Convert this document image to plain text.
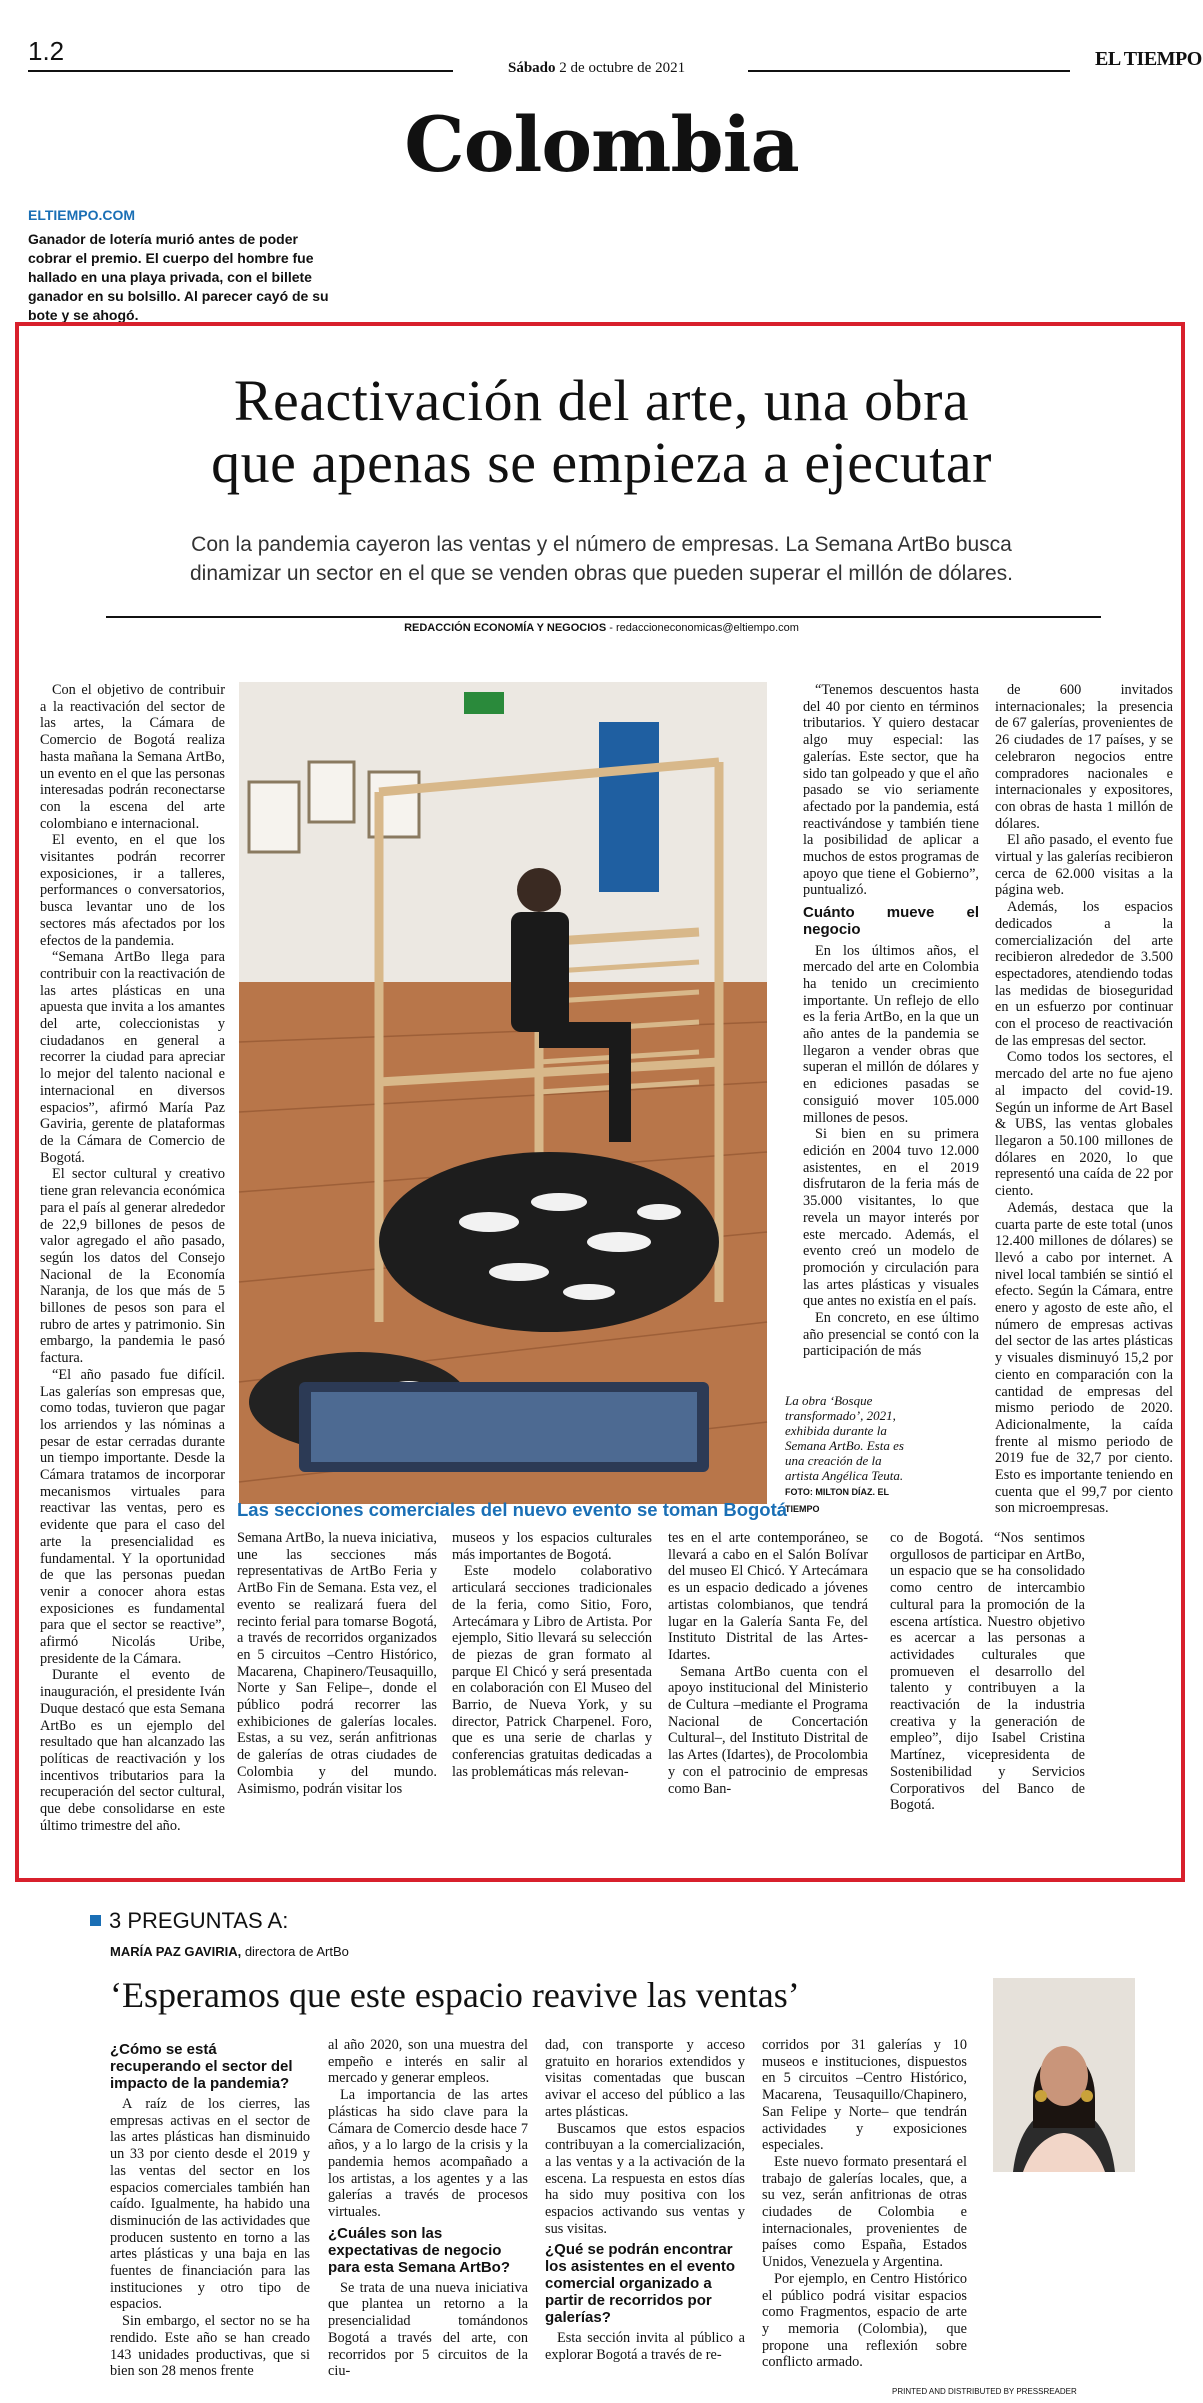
1.2
Sábado 2 de octubre de 2021	EL TIEMPO
Colombia
ELTIEMPO.COM
Ganador de lotería murió antes de poder cobrar el premio. El cuerpo del hombre fue hallado en una playa privada, con el billete ganador en su bolsillo. Al parecer cayó de su bote y se ahogó.
Reactivación del arte, una obra
que apenas se empieza a ejecutar
Con la pandemia cayeron las ventas y el número de empresas. La Semana ArtBo busca
dinamizar un sector en el que se venden obras que pueden superar el millón de dólares.
REDACCIÓN ECONOMÍA Y NEGOCIOS - redaccioneconomicas@eltiempo.com

Con el objetivo de contribuir a la reactivación del sector de las artes, la Cámara de Comercio de Bogotá realiza hasta mañana la Semana ArtBo, un evento en el que las personas interesadas podrán reconectarse con la escena del arte colombiano e internacional.

El evento, en el que los visitantes podrán recorrer exposiciones, ir a talleres, performances o conversatorios, busca levantar uno de los sectores más afectados por los efectos de la pandemia.

“Semana ArtBo llega para contribuir con la reactivación de las artes plásticas en una apuesta que invita a los amantes del arte, coleccionistas y ciudadanos en general a recorrer la ciudad para apreciar lo mejor del talento nacional e internacional en diversos espacios”, afirmó María Paz Gaviria, gerente de plataformas de la Cámara de Comercio de Bogotá.

El sector cultural y creativo tiene gran relevancia económica para el país al generar alrededor de 22,9 billones de pesos de valor agregado el año pasado, según los datos del Consejo Nacional de la Economía Naranja, de los que más de 5 billones de pesos son para el rubro de artes y patrimonio. Sin embargo, la pandemia le pasó factura.

“El año pasado fue difícil. Las galerías son empresas que, como todas, tuvieron que pagar los arriendos y las nóminas a pesar de estar cerradas durante un tiempo importante. Desde la Cámara tratamos de incorporar mecanismos virtuales para reactivar las ventas, pero es evidente que para el caso del arte la presencialidad es fundamental. Y la oportunidad de que las personas puedan venir a conocer ahora estas exposiciones es fundamental para que el sector se reactive”, afirmó Nicolás Uribe, presidente de la Cámara.

Durante el evento de inauguración, el presidente Iván Duque destacó que esta Semana ArtBo es un ejemplo del resultado que han alcanzado las políticas de reactivación y los incentivos tributarios para la recuperación del sector cultural, que debe consolidarse en este último trimestre del año.

“Tenemos descuentos hasta del 40 por ciento en términos tributarios. Y quiero destacar algo muy especial: las galerías. Este sector, que ha sido tan golpeado y que el año pasado se vio seriamente afectado por la pandemia, está reactivándose y también tiene la posibilidad de aplicar a muchos de estos programas de apoyo que tiene el Gobierno”, puntualizó.

Cuánto mueve el negocio

En los últimos años, el mercado del arte en Colombia ha tenido un crecimiento importante. Un reflejo de ello es la feria ArtBo, en la que un año antes de la pandemia se llegaron a vender obras que superan el millón de dólares y en ediciones pasadas se consiguió mover 105.000 millones de pesos.

Si bien en su primera edición en 2004 tuvo 12.000 asistentes, en el 2019 disfrutaron de la feria más de 35.000 visitantes, lo que revela un mayor interés por este mercado. Además, el evento creó un modelo de promoción y circulación para las artes plásticas y visuales que antes no existía en el país.

En concreto, en ese último año presencial se contó con la participación de más

de 600 invitados internacionales; la presencia de 67 galerías, provenientes de 26 ciudades de 17 países, y se celebraron negocios entre compradores nacionales e internacionales y expositores, con obras de hasta 1 millón de dólares.

El año pasado, el evento fue virtual y las galerías recibieron cerca de 62.000 visitas a la página web.

Además, los espacios dedicados a la comercialización del arte recibieron alrededor de 3.500 espectadores, atendiendo todas las medidas de bioseguridad en un esfuerzo por continuar con el proceso de reactivación de las empresas del sector.

Como todos los sectores, el mercado del arte no fue ajeno al impacto del covid-19. Según un informe de Art Basel & UBS, las ventas globales llegaron a 50.100 millones de dólares en 2020, lo que representó una caída de 22 por ciento.

Además, destaca que la cuarta parte de este total (unos 12.400 millones de dólares) se llevó a cabo por internet. A nivel local también se sintió el efecto. Según la Cámara, entre enero y agosto de este año, el número de empresas activas del sector de las artes plásticas y visuales disminuyó 15,2 por ciento en comparación con la cantidad de empresas del mismo periodo de 2020. Adicionalmente, la caída frente al mismo periodo de 2019 fue de 32,7 por ciento. Esto es importante teniendo en cuenta que el 99,7 por ciento son microempresas.

La obra ‘Bosque transformado’, 2021, exhibida durante la Semana ArtBo. Esta es una creación de la artista Angélica Teuta. FOTO: MILTON DÍAZ. EL TIEMPO
Las secciones comerciales del nuevo evento se toman Bogotá

Semana ArtBo, la nueva iniciativa, une las secciones más representativas de ArtBo Feria y ArtBo Fin de Semana. Esta vez, el evento se realizará fuera del recinto ferial para tomarse Bogotá, a través de recorridos organizados en 5 circuitos –Centro Histórico, Macarena, Chapinero/Teusaquillo, Norte y San Felipe–, donde el público podrá recorrer las exhibiciones de galerías locales. Estas, a su vez, serán anfitrionas de galerías de otras ciudades de Colombia y del mundo. Asimismo, podrán visitar los

museos y los espacios culturales más importantes de Bogotá.

Este modelo colaborativo articulará secciones tradicionales de la feria, como Sitio, Foro, Artecámara y Libro de Artista. Por ejemplo, Sitio llevará su selección de piezas de gran formato al parque El Chicó y será presentada en colaboración con El Museo del Barrio, de Nueva York, y su director, Patrick Charpenel. Foro, que es una serie de charlas y conferencias gratuitas dedicadas a las problemáticas más relevan-

tes en el arte contemporáneo, se llevará a cabo en el Salón Bolívar del museo El Chicó. Y Artecámara es un espacio dedicado a jóvenes artistas colombianos, que tendrá lugar en la Galería Santa Fe, del Instituto Distrital de las Artes-Idartes.

Semana ArtBo cuenta con el apoyo institucional del Ministerio de Cultura –mediante el Programa Nacional de Concertación Cultural–, del Instituto Distrital de las Artes (Idartes), de Procolombia y con el patrocinio de empresas como Ban-

co de Bogotá. “Nos sentimos orgullosos de participar en ArtBo, un espacio que se ha consolidado como centro de intercambio cultural para la promoción de la escena artística. Nuestro objetivo es acercar a las personas a actividades culturales que promueven el desarrollo del talento y contribuyen a la reactivación de la industria creativa y la generación de empleo”, dijo Isabel Cristina Martínez, vicepresidenta de Sostenibilidad y Servicios Corporativos del Banco de Bogotá.

3 PREGUNTAS A:
MARÍA PAZ GAVIRIA, directora de ArtBo
‘Esperamos que este espacio reavive las ventas’
¿Cómo se está recuperando el sector del impacto de la pandemia?

A raíz de los cierres, las empresas activas en el sector de las artes plásticas han disminuido un 33 por ciento desde el 2019 y las ventas del sector en los espacios comerciales también han caído. Igualmente, ha habido una disminución de las actividades que producen sustento en torno a las artes plásticas y una baja en las fuentes de financiación para las instituciones y otro tipo de espacios.

Sin embargo, el sector no se ha rendido. Este año se han creado 143 unidades productivas, que si bien son 28 menos frente

al año 2020, son una muestra del empeño e interés en salir al mercado y generar empleos.

La importancia de las artes plásticas ha sido clave para la Cámara de Comercio desde hace 7 años, y a lo largo de la crisis y la pandemia hemos acompañado a los artistas, a los agentes y a las galerías a través de procesos virtuales.

¿Cuáles son las expectativas de negocio para esta Semana ArtBo?

Se trata de una nueva iniciativa que plantea un retorno a la presencialidad tomándonos Bogotá a través del arte, con recorridos por 5 circuitos de la ciu-

dad, con transporte y acceso gratuito en horarios extendidos y visitas comentadas que buscan avivar el acceso del público a las artes plásticas.

Buscamos que estos espacios contribuyan a la comercialización, a las ventas y a la activación de la escena. La respuesta en estos días ha sido muy positiva con los espacios activando sus ventas y sus visitas.

¿Qué se podrán encontrar los asistentes en el evento comercial organizado a partir de recorridos por galerías?

Esta sección invita al público a explorar Bogotá a través de re-

corridos por 31 galerías y 10 museos e instituciones, dispuestos en 5 circuitos –Centro Histórico, Macarena, Teusaquillo/Chapinero, San Felipe y Norte– que tendrán actividades y exposiciones especiales.

Este nuevo formato presentará el trabajo de galerías locales, que, a su vez, serán anfitrionas de otras ciudades de Colombia e internacionales, provenientes de países como España, Estados Unidos, Venezuela y Argentina.

Por ejemplo, en Centro Histórico el público podrá visitar espacios como Fragmentos, espacio de arte y memoria (Colombia), que propone una reflexión sobre conflicto armado.

PRINTED AND DISTRIBUTED BY PRESSREADER
